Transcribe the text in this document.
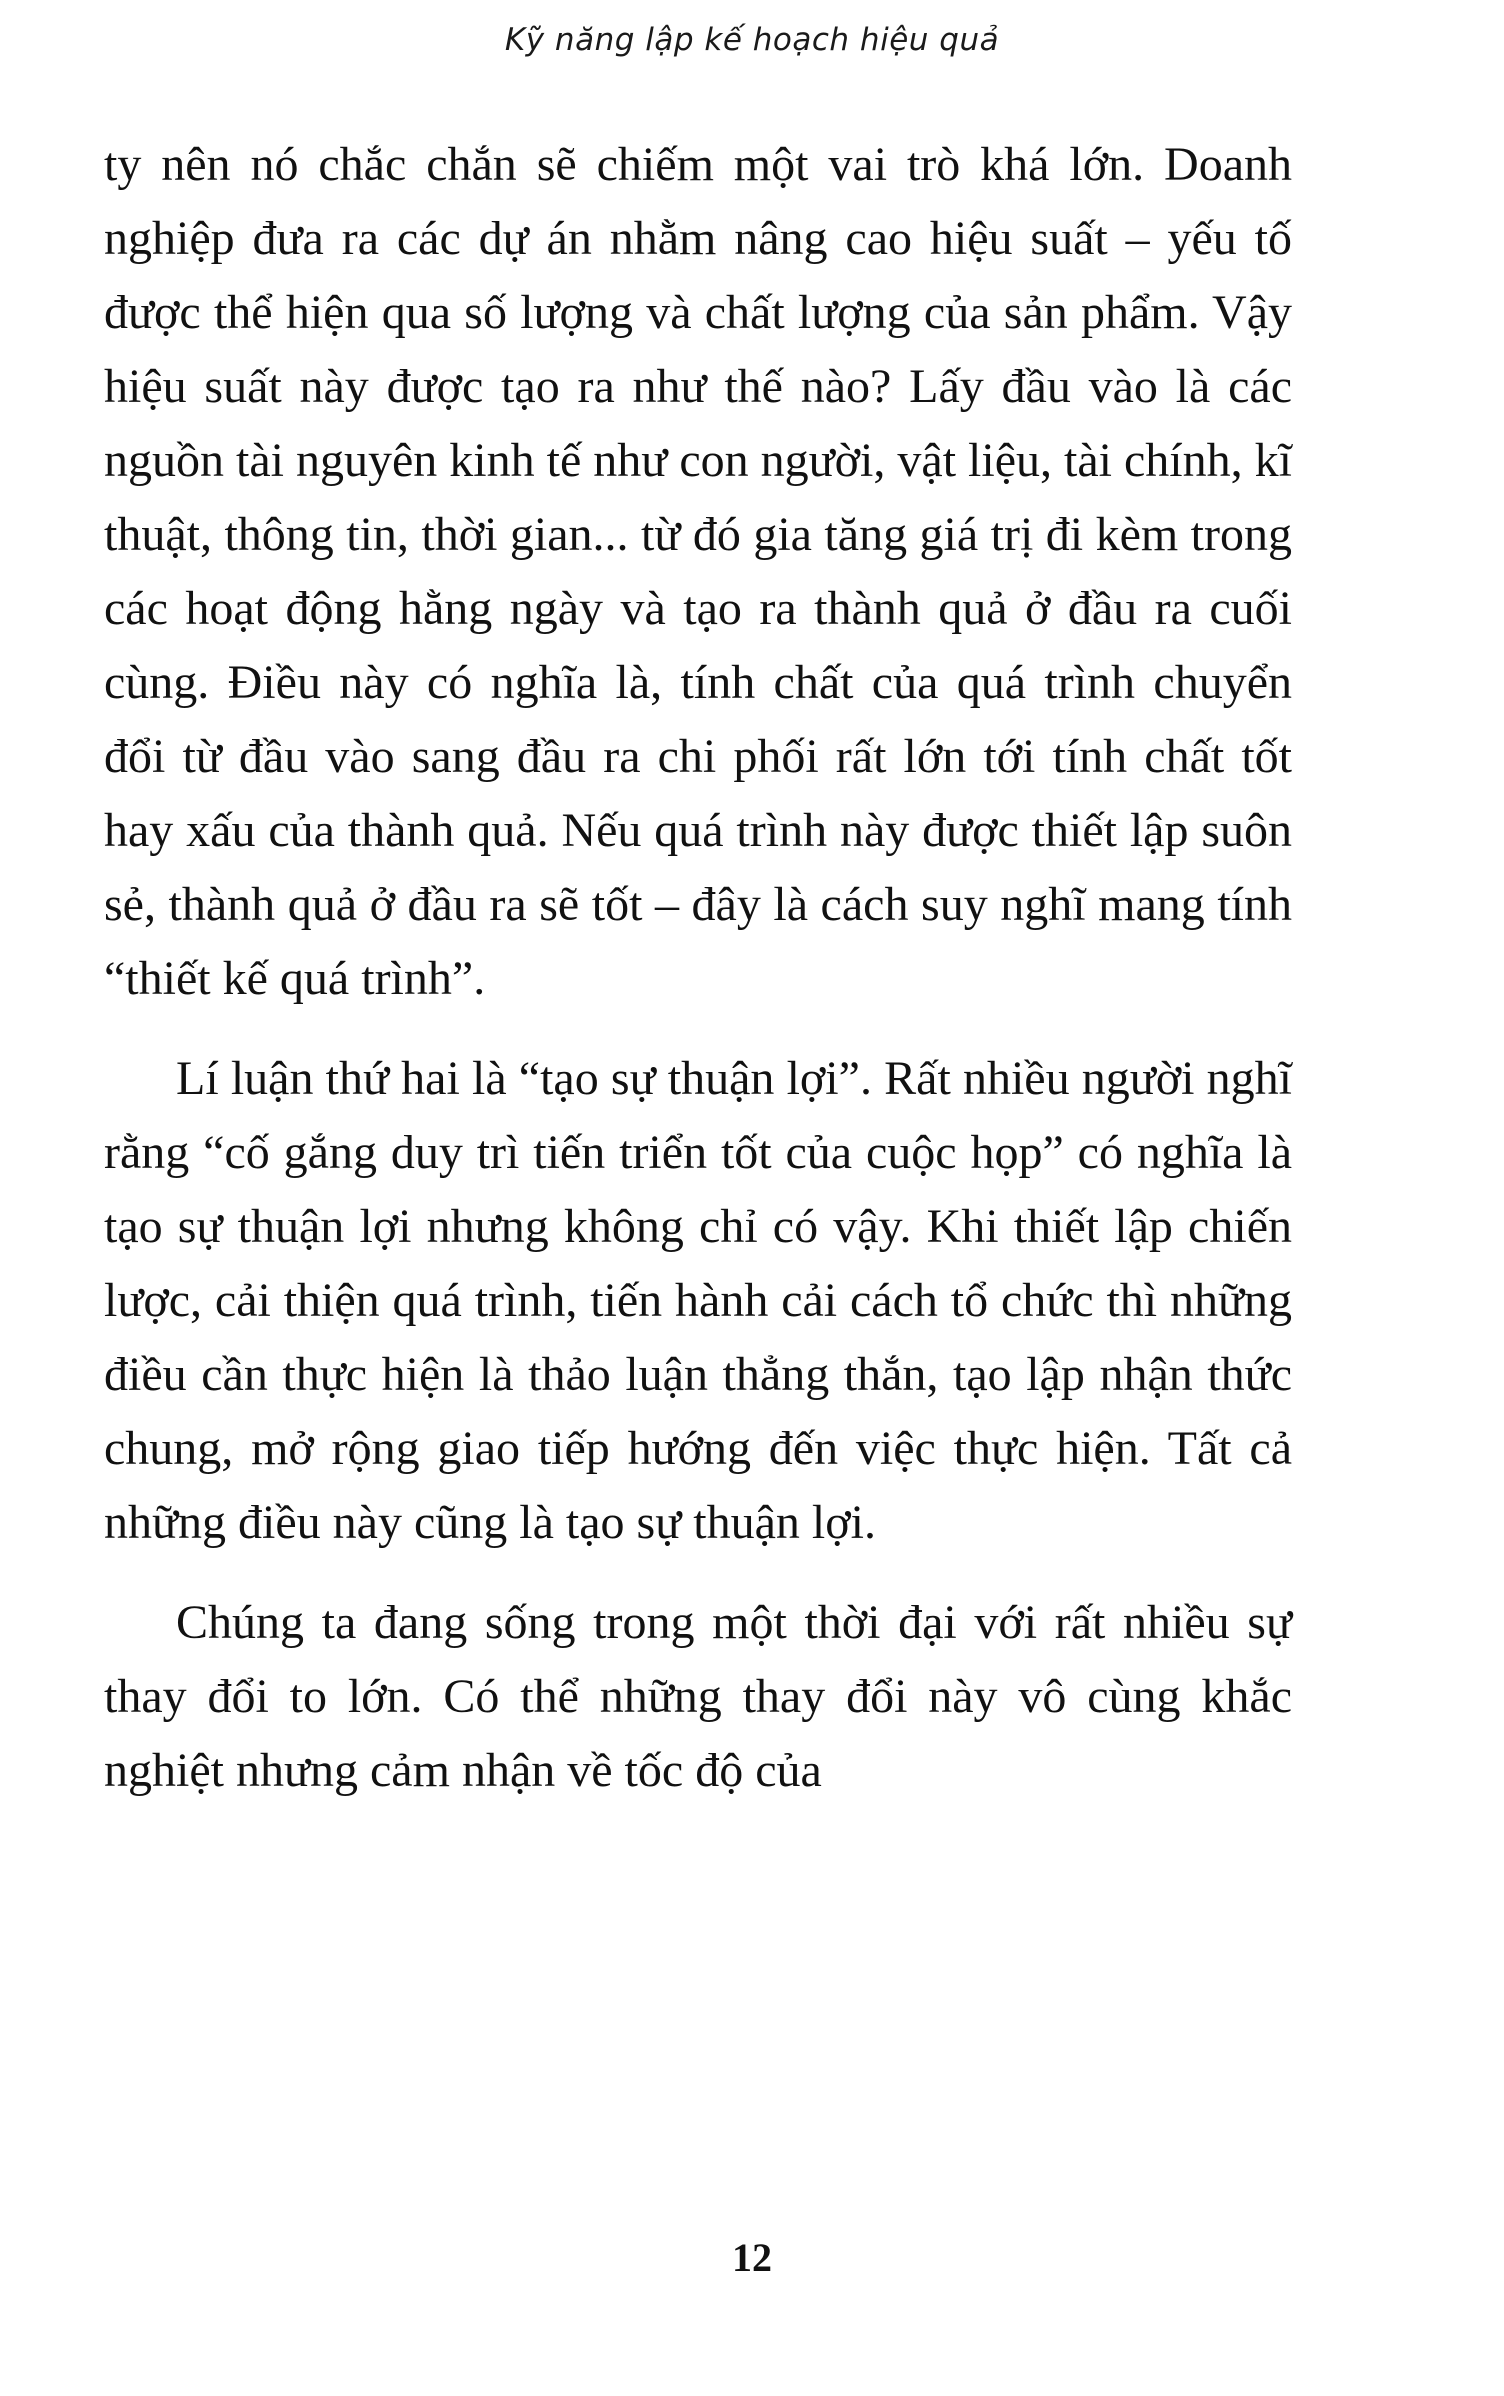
Kỹ năng lập kế hoạch hiệu quả

ty nên nó chắc chắn sẽ chiếm một vai trò khá lớn. Doanh nghiệp đưa ra các dự án nhằm nâng cao hiệu suất – yếu tố được thể hiện qua số lượng và chất lượng của sản phẩm. Vậy hiệu suất này được tạo ra như thế nào? Lấy đầu vào là các nguồn tài nguyên kinh tế như con người, vật liệu, tài chính, kĩ thuật, thông tin, thời gian... từ đó gia tăng giá trị đi kèm trong các hoạt động hằng ngày và tạo ra thành quả ở đầu ra cuối cùng. Điều này có nghĩa là, tính chất của quá trình chuyển đổi từ đầu vào sang đầu ra chi phối rất lớn tới tính chất tốt hay xấu của thành quả. Nếu quá trình này được thiết lập suôn sẻ, thành quả ở đầu ra sẽ tốt – đây là cách suy nghĩ mang tính “thiết kế quá trình”.

Lí luận thứ hai là “tạo sự thuận lợi”. Rất nhiều người nghĩ rằng “cố gắng duy trì tiến triển tốt của cuộc họp” có nghĩa là tạo sự thuận lợi nhưng không chỉ có vậy. Khi thiết lập chiến lược, cải thiện quá trình, tiến hành cải cách tổ chức thì những điều cần thực hiện là thảo luận thẳng thắn, tạo lập nhận thức chung, mở rộng giao tiếp hướng đến việc thực hiện. Tất cả những điều này cũng là tạo sự thuận lợi.

Chúng ta đang sống trong một thời đại với rất nhiều sự thay đổi to lớn. Có thể những thay đổi này vô cùng khắc nghiệt nhưng cảm nhận về tốc độ của

12
